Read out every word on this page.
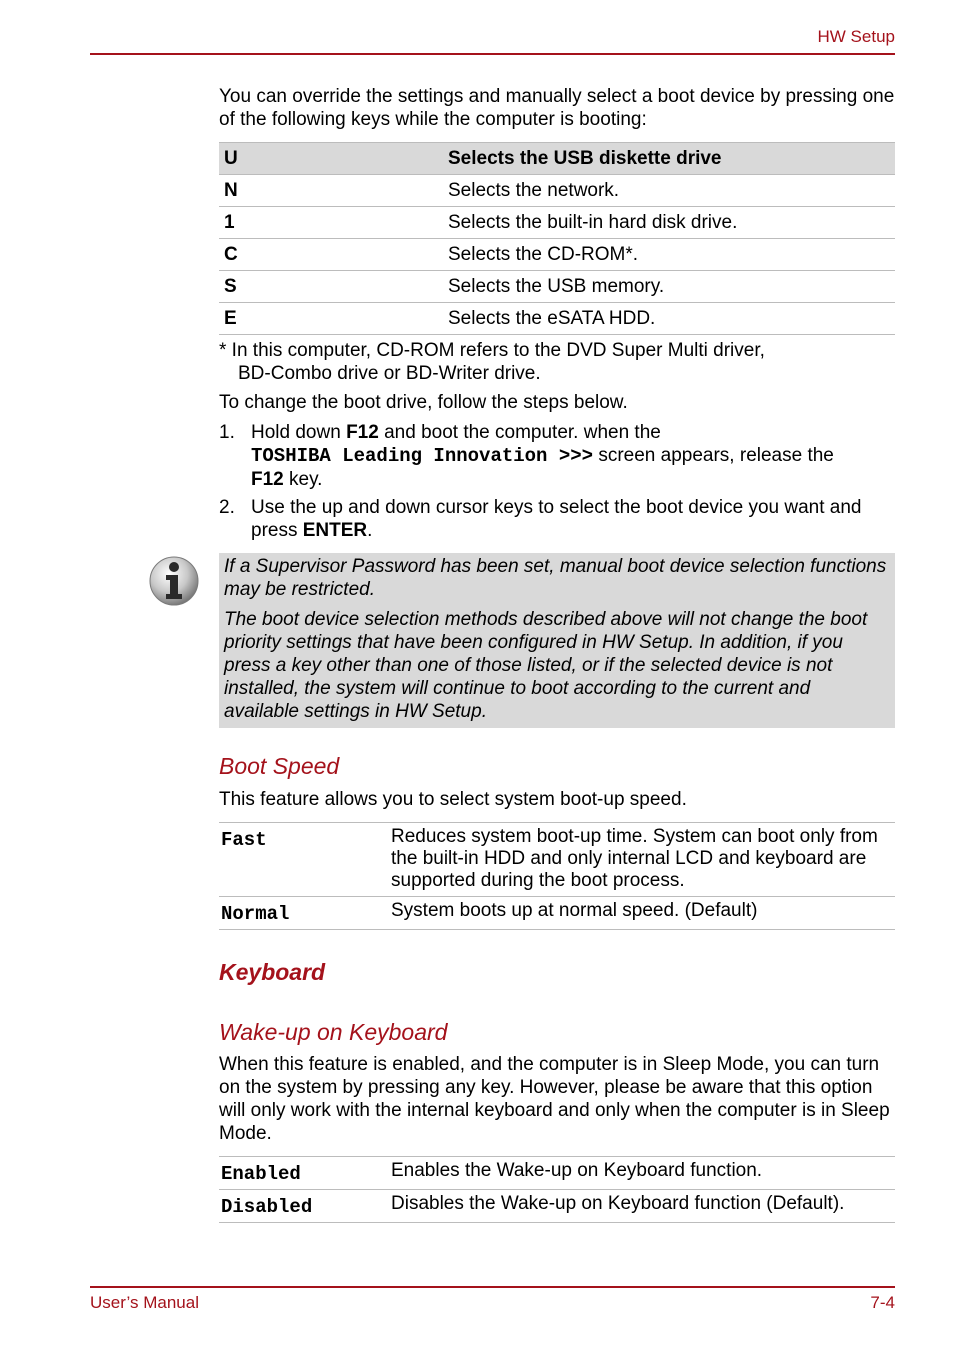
HW Setup
You can override the settings and manually select a boot device by pressing one of the following keys while the computer is booting:
U	Selects the USB diskette drive
N	Selects the network.
1	Selects the built-in hard disk drive.
C	Selects the CD-ROM*.
S	Selects the USB memory.
E	Selects the eSATA HDD.
* In this computer, CD-ROM refers to the DVD Super Multi driver,
BD-Combo drive or BD-Writer drive.
To change the boot drive, follow the steps below.
1. Hold down F12 and boot the computer. when the
TOSHIBA Leading Innovation >>> screen appears, release the
F12 key.
2. Use the up and down cursor keys to select the boot device you want and press ENTER.

If a Supervisor Password has been set, manual boot device selection functions may be restricted.

The boot device selection methods described above will not change the boot priority settings that have been configured in HW Setup. In addition, if you press a key other than one of those listed, or if the selected device is not installed, the system will continue to boot according to the current and available settings in HW Setup.

Boot Speed
This feature allows you to select system boot-up speed.
Fast	Reduces system boot-up time. System can boot only from the built-in HDD and only internal LCD and keyboard are supported during the boot process.
Normal	System boots up at normal speed. (Default)
Keyboard
Wake-up on Keyboard
When this feature is enabled, and the computer is in Sleep Mode, you can turn on the system by pressing any key. However, please be aware that this option will only work with the internal keyboard and only when the computer is in Sleep Mode.
Enabled	Enables the Wake-up on Keyboard function.
Disabled	Disables the Wake-up on Keyboard function (Default).
User’s Manual	7-4
